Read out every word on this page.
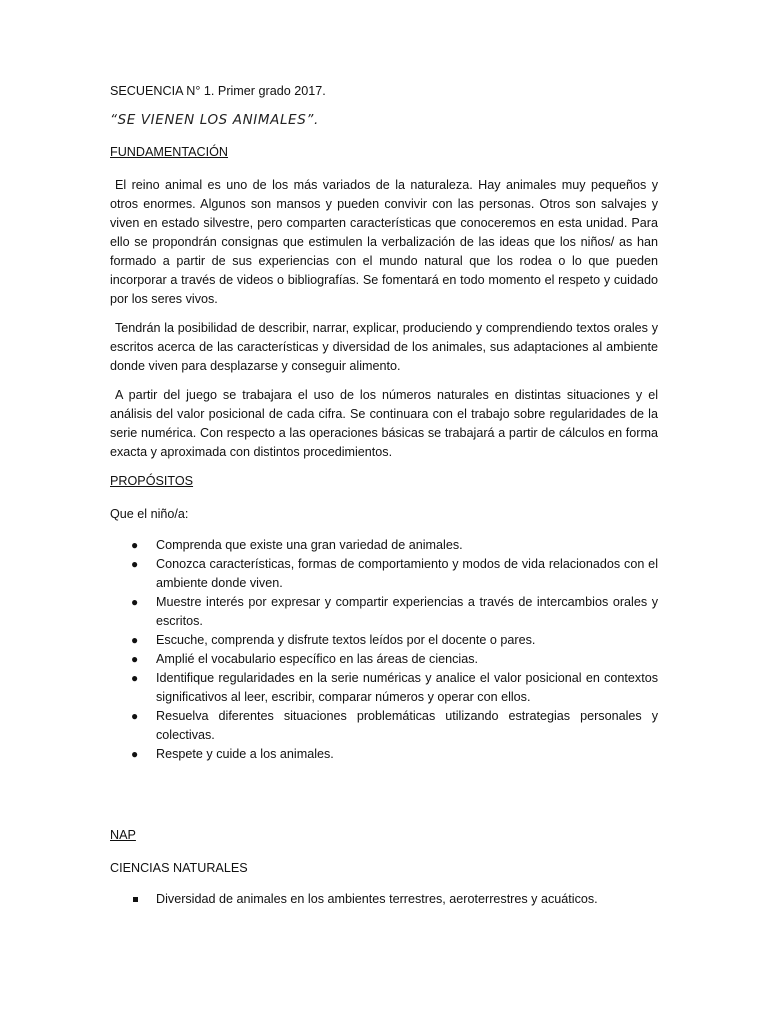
SECUENCIA N° 1. Primer grado 2017.

“SE VIENEN LOS ANIMALES”.

FUNDAMENTACIÓN

El reino animal es uno de los más variados de la naturaleza. Hay animales muy pequeños y otros enormes. Algunos son mansos y pueden convivir con las personas. Otros son salvajes y viven en estado silvestre, pero comparten características que conoceremos en esta unidad. Para ello se propondrán consignas que estimulen la verbalización de las ideas que los niños/ as han formado a partir de sus experiencias con el mundo natural que los rodea o lo que pueden incorporar a través de videos o bibliografías. Se fomentará en todo momento el respeto y cuidado por los seres vivos.

Tendrán la posibilidad de describir, narrar, explicar, produciendo y comprendiendo textos orales y escritos acerca de las características y diversidad de los animales, sus adaptaciones al ambiente donde viven para desplazarse y conseguir alimento.

A partir del juego se trabajara el uso de los números naturales en distintas situaciones y el análisis del valor posicional de cada cifra. Se continuara con el trabajo sobre regularidades de la serie numérica. Con respecto a las operaciones básicas se trabajará a partir de cálculos en forma exacta y aproximada con distintos procedimientos.

PROPÓSITOS

Que el niño/a:

● Comprenda que existe una gran variedad de animales.
● Conozca características, formas de comportamiento y modos de vida relacionados con el ambiente donde viven.
● Muestre interés por expresar y compartir experiencias a través de intercambios orales y escritos.
● Escuche, comprenda y disfrute textos leídos por el docente o pares.
● Amplié el vocabulario específico en las áreas de ciencias.
● Identifique regularidades en la serie numéricas y analice el valor posicional en contextos significativos al leer, escribir, comparar números y operar con ellos.
● Resuelva diferentes situaciones problemáticas utilizando estrategias personales y colectivas.
● Respete y cuide a los animales.

NAP

CIENCIAS NATURALES

Diversidad de animales en los ambientes terrestres, aeroterrestres y acuáticos.
